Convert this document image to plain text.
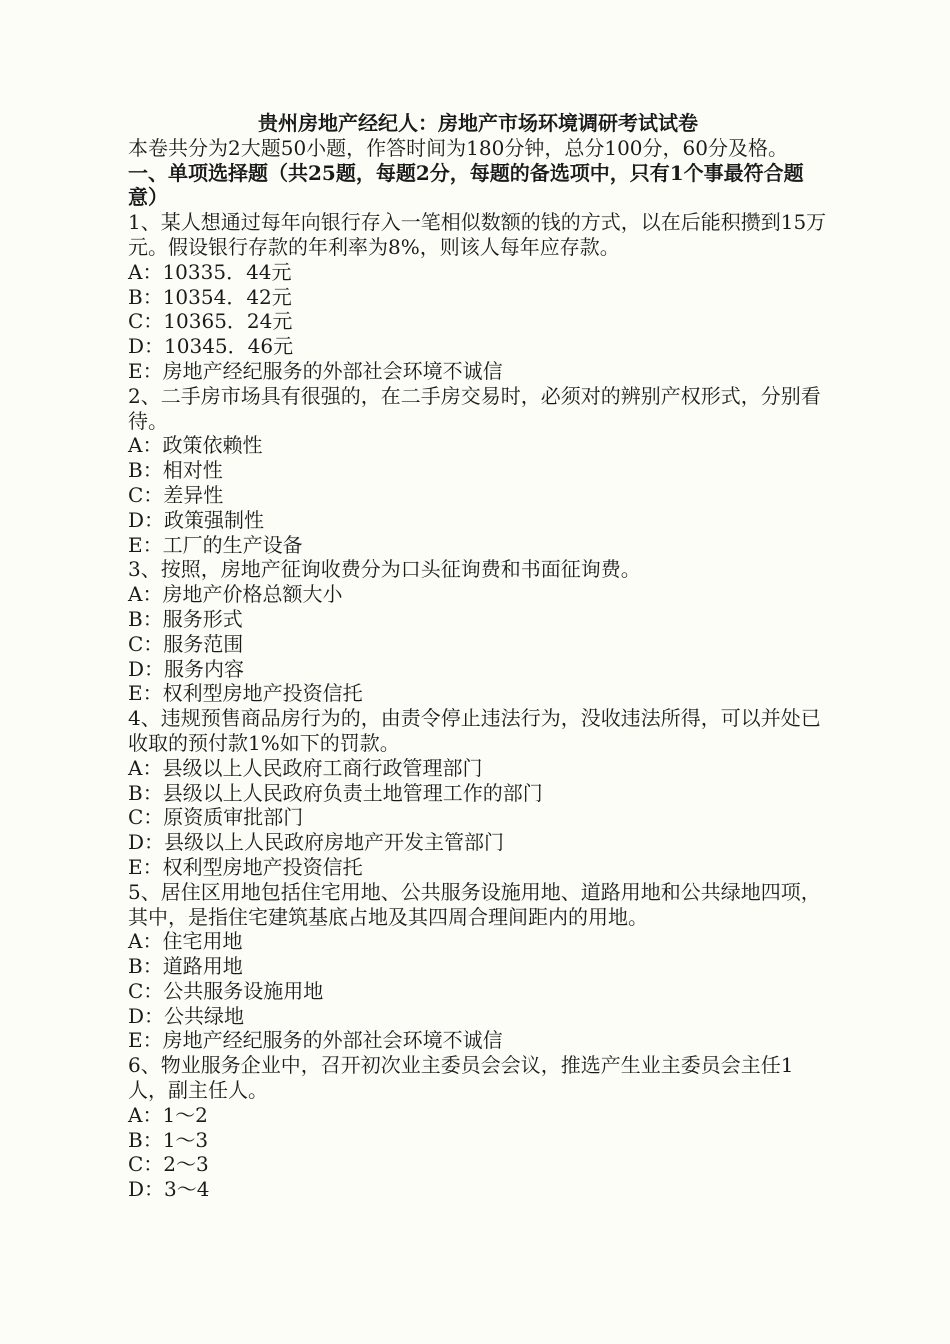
贵州房地产经纪人：房地产市场环境调研考试试卷
本卷共分为2大题50小题，作答时间为180分钟，总分100分，60分及格。
一、单项选择题（共25题，每题2分，每题的备选项中，只有1个事最符合题意）
1、某人想通过每年向银行存入一笔相似数额的钱的方式，以在后能积攒到15万元。假设银行存款的年利率为8%，则该人每年应存款。
A：10335．44元
B：10354．42元
C：10365．24元
D：10345．46元
E：房地产经纪服务的外部社会环境不诚信
2、二手房市场具有很强的，在二手房交易时，必须对的辨别产权形式，分别看待。
A：政策依赖性
B：相对性
C：差异性
D：政策强制性
E：工厂的生产设备
3、按照，房地产征询收费分为口头征询费和书面征询费。
A：房地产价格总额大小
B：服务形式
C：服务范围
D：服务内容
E：权利型房地产投资信托
4、违规预售商品房行为的，由责令停止违法行为，没收违法所得，可以并处已收取的预付款1%如下的罚款。
A：县级以上人民政府工商行政管理部门
B：县级以上人民政府负责土地管理工作的部门
C：原资质审批部门
D：县级以上人民政府房地产开发主管部门
E：权利型房地产投资信托
5、居住区用地包括住宅用地、公共服务设施用地、道路用地和公共绿地四项，其中，是指住宅建筑基底占地及其四周合理间距内的用地。
A：住宅用地
B：道路用地
C：公共服务设施用地
D：公共绿地
E：房地产经纪服务的外部社会环境不诚信
6、物业服务企业中，召开初次业主委员会会议，推选产生业主委员会主任1人，副主任人。
A：1～2
B：1～3
C：2～3
D：3～4
